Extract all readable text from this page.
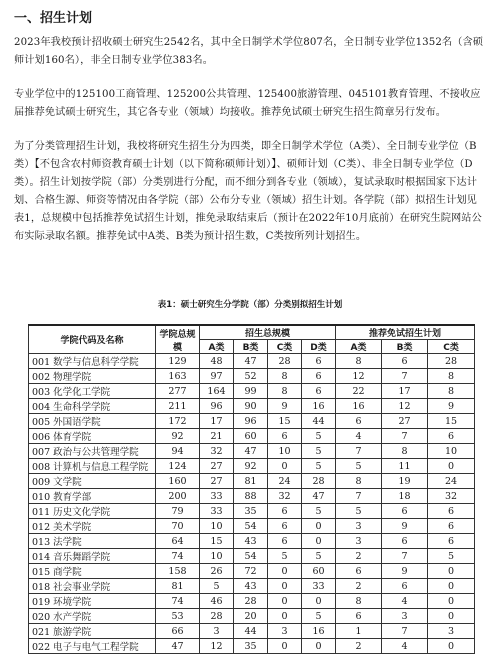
一、招生计划

2023年我校预计招收硕士研究生2542名，其中全日制学术学位807名，全日制专业学位1352名（含硕师计划160名），非全日制专业学位383名。

专业学位中的125100工商管理、125200公共管理、125400旅游管理、045101教育管理、不接收应届推荐免试硕士研究生，其它各专业（领域）均接收。推荐免试硕士研究生招生简章另行发布。

为了分类管理招生计划，我校将研究生招生分为四类，即全日制学术学位（A类）、全日制专业学位（B类）【不包含农村师资教育硕士计划（以下简称硕师计划）】、硕师计划（C类）、非全日制专业学位（D类）。招生计划按学院（部）分类别进行分配，而不细分到各专业（领域），复试录取时根据国家下达计划、合格生源、师资等情况由各学院（部）公布分专业（领域）招生计划。各学院（部）拟招生计划见表1，总规模中包括推荐免试招生计划，推免录取结束后（预计在2022年10月底前）在研究生院网站公布实际录取名额。推荐免试中A类、B类为预计招生数，C类按所列计划招生。

表1：硕士研究生分学院（部）分类别拟招生计划

学院代码及名称	学院总规模	招生总规模				推荐免试招生计划		
		A类	B类	C类	D类	A类	B类	C类
001 数学与信息科学学院	129	48	47	28	6	8	6	28
002 物理学院	163	97	52	8	6	12	7	8
003 化学化工学院	277	164	99	8	6	22	17	8
004 生命科学学院	211	96	90	9	16	16	12	9
005 外国语学院	172	17	96	15	44	6	27	15
006 体育学院	92	21	60	6	5	4	7	6
007 政治与公共管理学院	94	32	47	10	5	7	8	10
008 计算机与信息工程学院	124	27	92	0	5	5	11	0
009 文学院	160	27	81	24	28	8	19	24
010 教育学部	200	33	88	32	47	7	18	32
011 历史文化学院	79	33	35	6	5	5	6	6
012 美术学院	70	10	54	6	0	3	9	6
013 法学院	64	15	43	6	0	3	6	6
014 音乐舞蹈学院	74	10	54	5	5	2	7	5
015 商学院	158	26	72	0	60	6	9	0
018 社会事业学院	81	5	43	0	33	2	6	0
019 环境学院	74	46	28	0	0	8	4	0
020 水产学院	53	28	20	0	5	6	3	0
021 旅游学院	66	3	44	3	16	1	7	3
022 电子与电气工程学院	47	12	35	0	0	2	4	0
